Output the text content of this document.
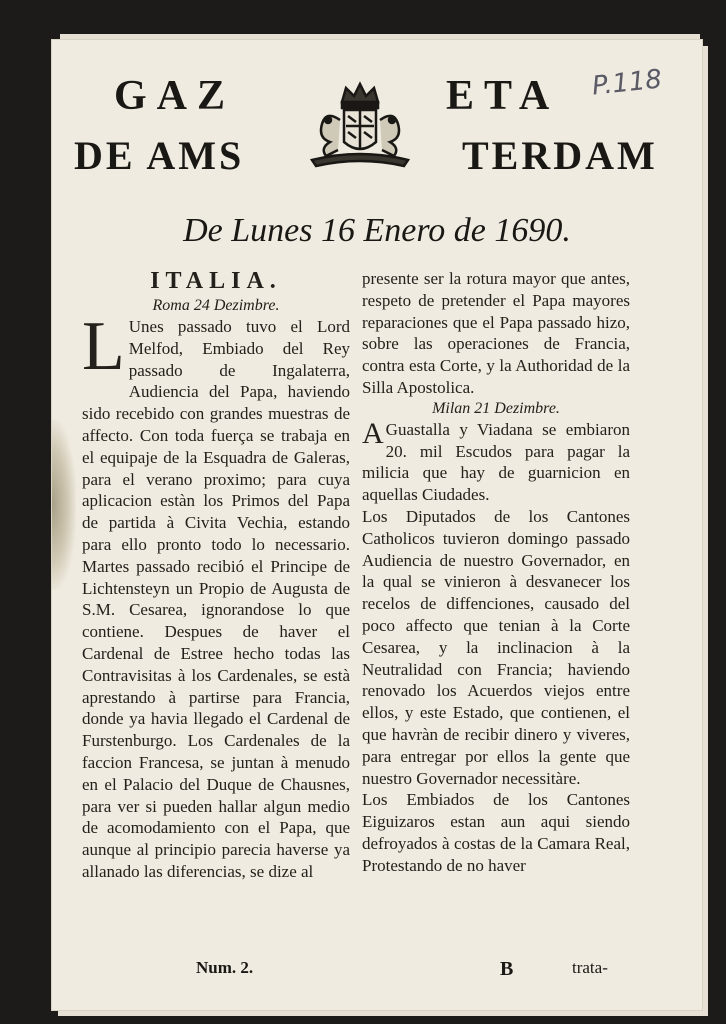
P.118
GAZ	ETA
DE AMS	TERDAM
De Lunes 16 Enero de 1690.
ITALIA.
Roma 24 Dezimbre.

L Unes passado tuvo el Lord Melfod, Embiado del Rey passado de Ingalaterra, Audiencia del Papa, haviendo sido recebido con grandes muestras de affecto. Con toda fuerça se trabaja en el equipaje de la Esquadra de Galeras, para el verano proximo; para cuya aplicacion estàn los Primos del Papa de partida à Civita Vechia, estando para ello pronto todo lo necessario. Martes passado recibió el Principe de Lichtensteyn un Propio de Augusta de S.M. Cesarea, ignorandose lo que contiene. Despues de haver el Cardenal de Estree hecho todas las Contravisitas à los Cardenales, se està aprestando à partirse para Francia, donde ya havia llegado el Cardenal de Furstenburgo. Los Cardenales de la faccion Francesa, se juntan à menudo en el Palacio del Duque de Chausnes, para ver si pueden hallar algun medio de acomodamiento con el Papa, que aunque al principio parecia haverse ya allanado las diferencias, se dize al

presente ser la rotura mayor que antes, respeto de pretender el Papa mayores reparaciones que el Papa passado hizo, sobre las operaciones de Francia, contra esta Corte, y la Authoridad de la Silla Apostolica.

Milan 21 Dezimbre.

A Guastalla y Viadana se embiaron 20. mil Escudos para pagar la milicia que hay de guarnicion en aquellas Ciudades.

Los Diputados de los Cantones Catholicos tuvieron domingo passado Audiencia de nuestro Governador, en la qual se vinieron à desvanecer los recelos de diffenciones, causado del poco affecto que tenian à la Corte Cesarea, y la inclinacion à la Neutralidad con Francia; haviendo renovado los Acuerdos viejos entre ellos, y este Estado, que contienen, el que havràn de recibir dinero y viveres, para entregar por ellos la gente que nuestro Governador necessitàre.

Los Embiados de los Cantones Eiguizaros estan aun aqui siendo defroyados à costas de la Camara Real, Protestando de no haver

Num. 2.	B	trata-
